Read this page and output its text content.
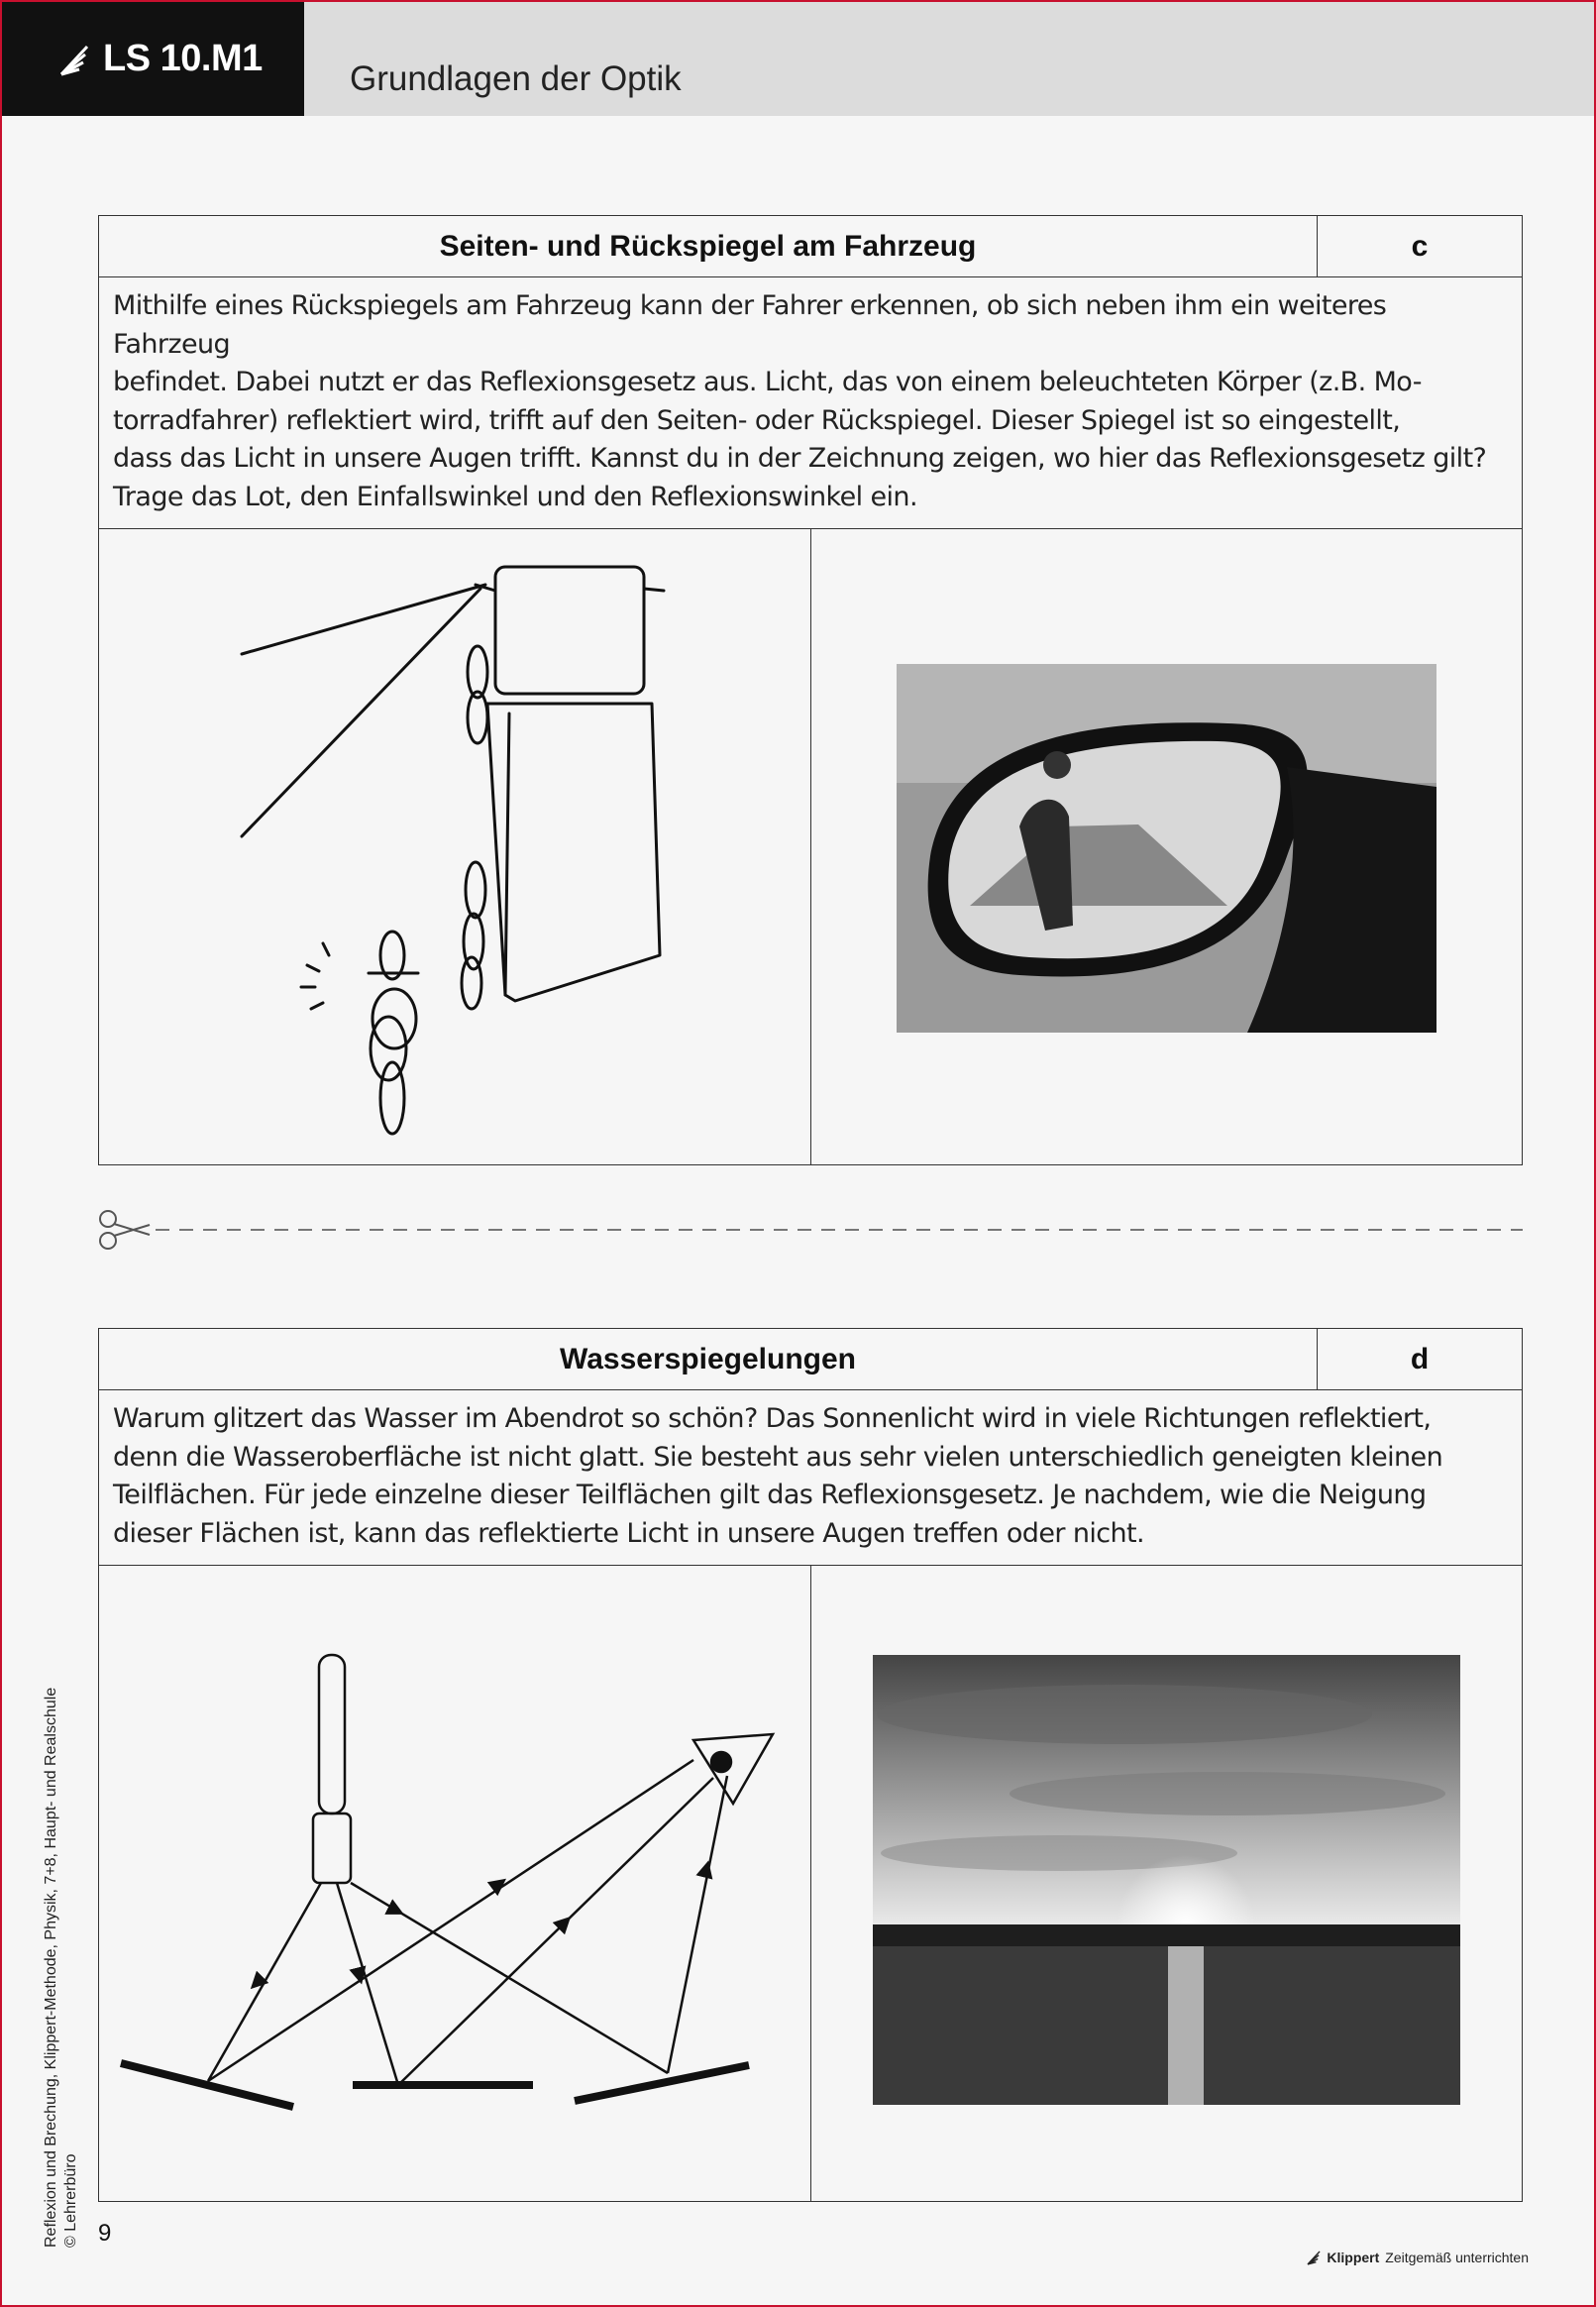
LS 10.M1	Grundlagen der Optik
Seiten- und Rückspiegel am Fahrzeug	c
Mithilfe eines Rückspiegels am Fahrzeug kann der Fahrer erkennen, ob sich neben ihm ein weiteres Fahrzeug
befindet. Dabei nutzt er das Reflexionsgesetz aus. Licht, das von einem beleuchteten Körper (z.B. Mo-
torradfahrer) reflektiert wird, trifft auf den Seiten- oder Rückspiegel. Dieser Spiegel ist so eingestellt,
dass das Licht in unsere Augen trifft. Kannst du in der Zeichnung zeigen, wo hier das Reflexionsgesetz gilt?
Trage das Lot, den Einfallswinkel und den Reflexionswinkel ein.
Wasserspiegelungen	d
Warum glitzert das Wasser im Abendrot so schön? Das Sonnenlicht wird in viele Richtungen reflektiert,
denn die Wasseroberfläche ist nicht glatt. Sie besteht aus sehr vielen unterschiedlich geneigten kleinen
Teilflächen. Für jede einzelne dieser Teilflächen gilt das Reflexionsgesetz. Je nachdem, wie die Neigung
dieser Flächen ist, kann das reflektierte Licht in unsere Augen treffen oder nicht.
Reflexion und Brechung, Klippert-Methode, Physik, 7+8, Haupt- und Realschule © Lehrerbüro 9
Klippert Zeitgemäß unterrichten
